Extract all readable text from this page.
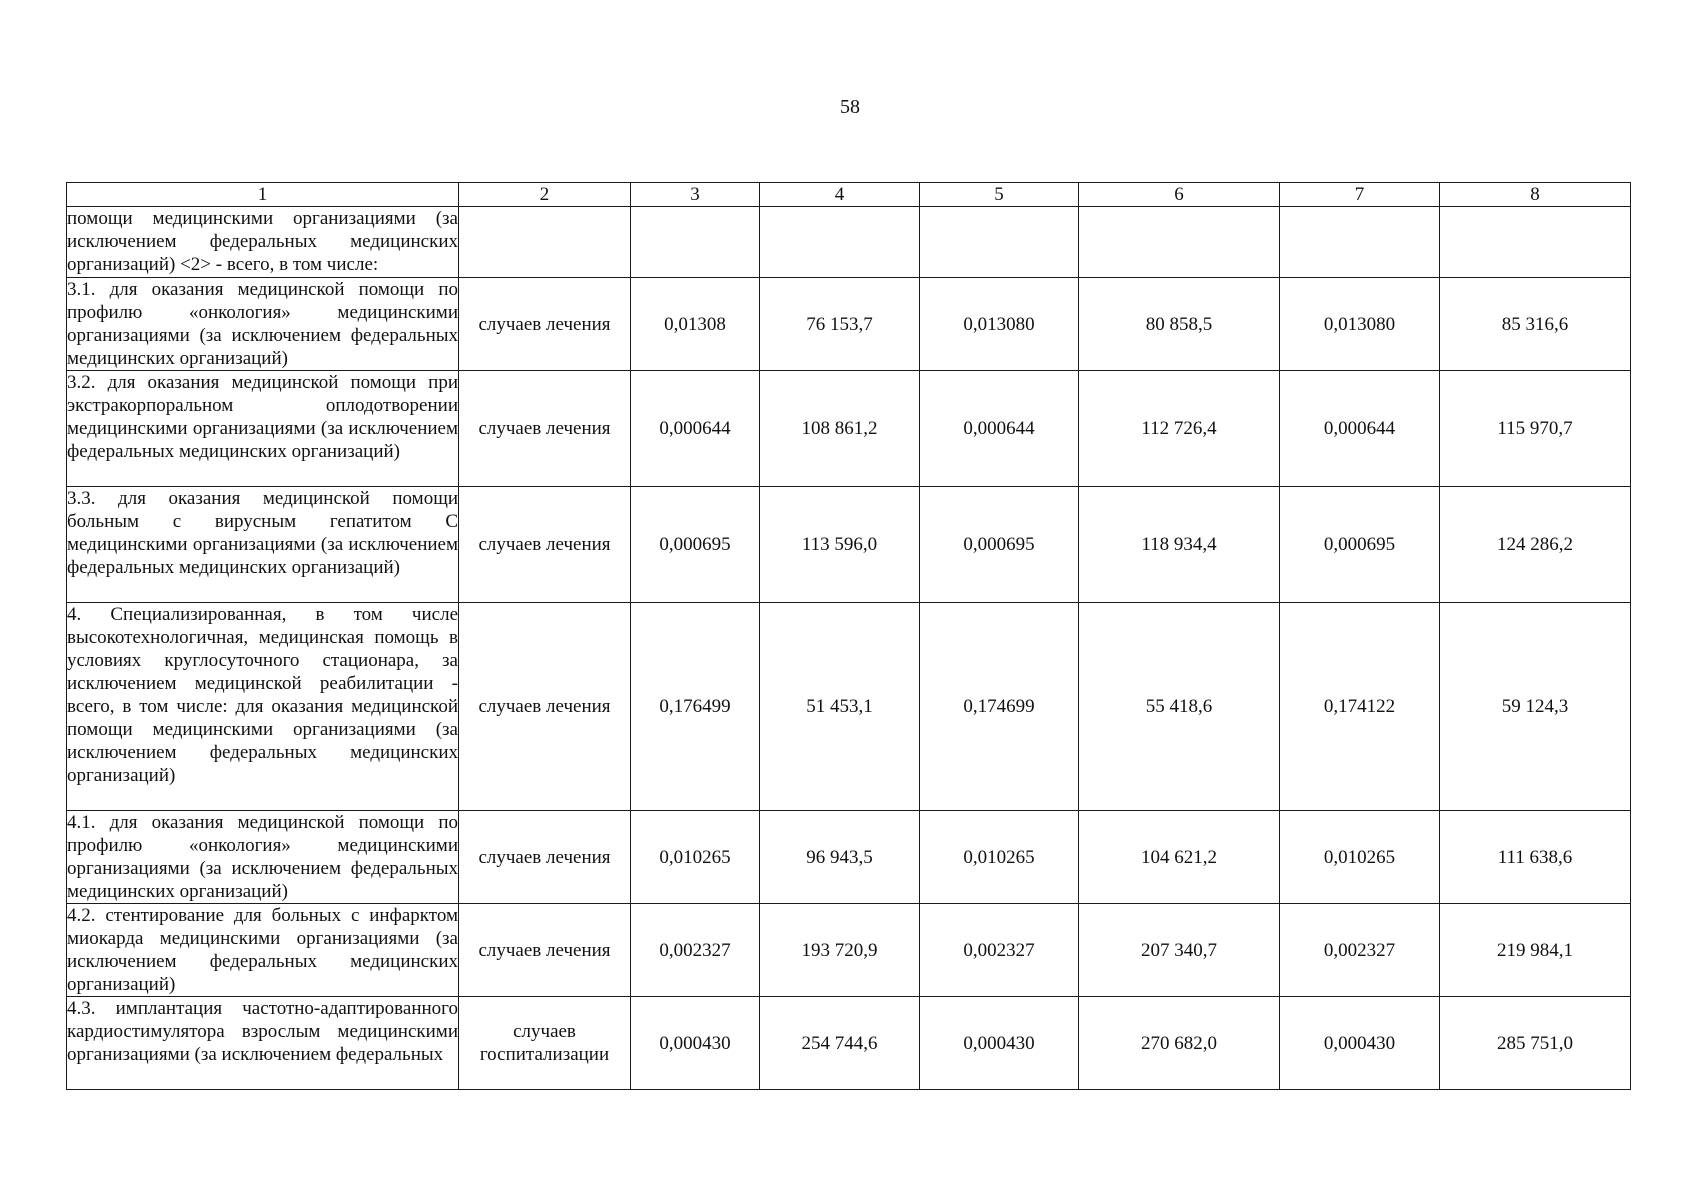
58
1	2	3	4	5	6	7	8
помощи медицинскими организациями (за исключением федеральных медицинских организаций) <2> - всего, в том числе:							
3.1. для оказания медицинской помощи по профилю «онкология» медицинскими организациями (за исключением федеральных медицинских организаций)	случаев лечения	0,01308	76 153,7	0,013080	80 858,5	0,013080	85 316,6
3.2. для оказания медицинской помощи при экстракорпоральном оплодотворении медицинскими организациями (за исключением федеральных медицинских организаций)	случаев лечения	0,000644	108 861,2	0,000644	112 726,4	0,000644	115 970,7
3.3. для оказания медицинской помощи больным с вирусным гепатитом С медицинскими организациями (за исключением федеральных медицинских организаций)	случаев лечения	0,000695	113 596,0	0,000695	118 934,4	0,000695	124 286,2
4. Специализированная, в том числе высокотехнологичная, медицинская помощь в условиях круглосуточного стационара, за исключением медицинской реабилитации - всего, в том числе: для оказания медицинской помощи медицинскими организациями (за исключением федеральных медицинских организаций)	случаев лечения	0,176499	51 453,1	0,174699	55 418,6	0,174122	59 124,3
4.1. для оказания медицинской помощи по профилю «онкология» медицинскими организациями (за исключением федеральных медицинских организаций)	случаев лечения	0,010265	96 943,5	0,010265	104 621,2	0,010265	111 638,6
4.2. стентирование для больных с инфарктом миокарда медицинскими организациями (за исключением федеральных медицинских организаций)	случаев лечения	0,002327	193 720,9	0,002327	207 340,7	0,002327	219 984,1
4.3. имплантация частотно-адаптированного кардиостимулятора взрослым медицинскими организациями (за исключением федеральных	случаев госпитализации	0,000430	254 744,6	0,000430	270 682,0	0,000430	285 751,0
